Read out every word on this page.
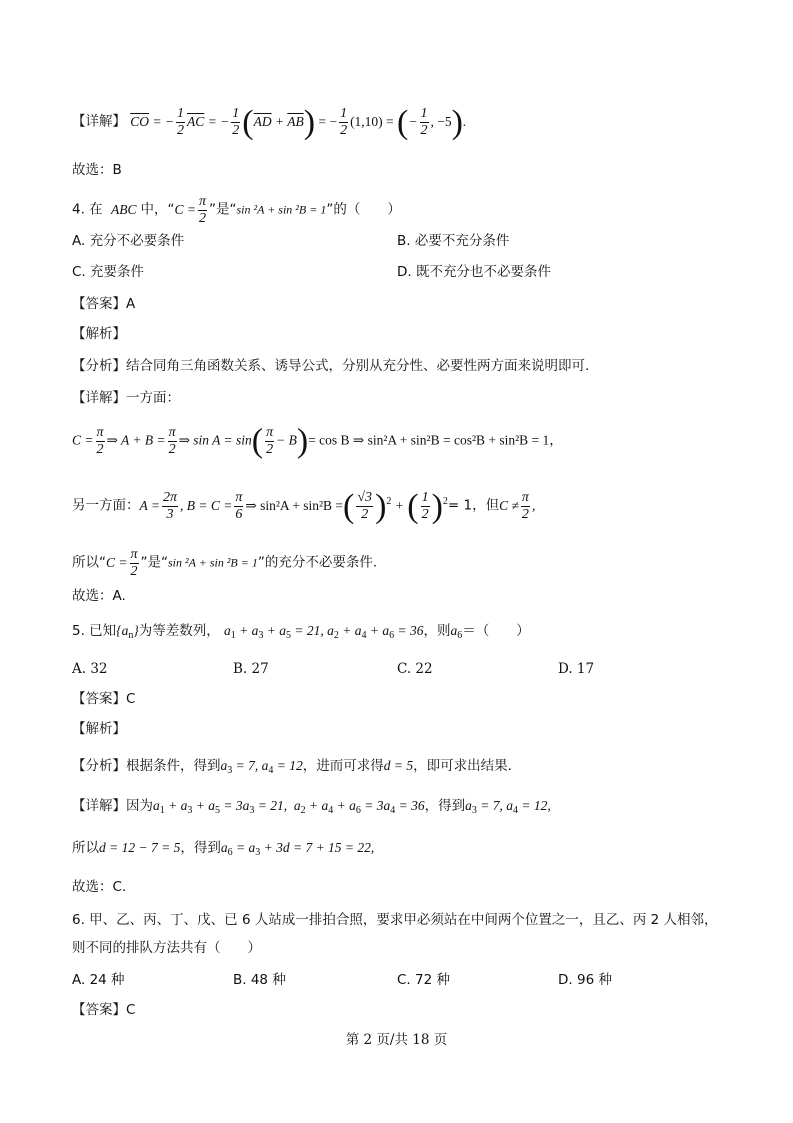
【详解】 $\overline{CO}$ = − $\frac{1}{2} \overline{AC}$ = − $\frac{1}{2} (\overline{AD} + \overline{AB})$ = − $\frac{1}{2} (1,10)$ = (− $\frac{1}{2}$ , −5).
故选：B
4. 在 ABC 中，“$C = \frac{\pi}{2}$ ”是“sin ²A + sin ²B = 1”的（　　）
A. 充分不必要条件	B. 必要不充分条件
C. 充要条件	D. 既不充分也不必要条件
【答案】A
【解析】
【分析】结合同角三角函数关系、诱导公式，分别从充分性、必要性两方面来说明即可.
【详解】一方面：
$C = \frac{\pi}{2}$ ⇒ $A + B = \frac{\pi}{2}$ ⇒ $\sin A = \sin( \frac{\pi}{2} - B)= \cos B$ ⇒ sin²A + sin²B = cos²B + sin²B = 1，
另一方面：$A = \frac{2\pi}{3}$ , $B = C = \frac{\pi}{6}$ ⇒ sin²A + sin²B =( $\frac{√3}{2} )^2$ + ( $\frac{1}{2} )^2= 1$，但$C \ne \frac{\pi}{2}$ ,
所以“$C = \frac{\pi}{2}$ ”是“sin ²A + sin ²B = 1”的充分不必要条件.
故选：A.
5. 已知$\{a_n\}$为等差数列， $a_1 + a_3 + a_5 = 21$, $a_2 + a_4 + a_6 = 36$，则$a_6=$（　　）
A. 32	B. 27	C. 22	D. 17
【答案】C
【解析】
【分析】根据条件，得到$a_3 = 7$, $a_4 = 12$，进而可求得d = 5，即可求出结果.
【详解】因为$a_1 + a_3 + a_5 = 3a_3 = 21$,  $a_2 + a_4 + a_6 = 3a_4 = 36$，得到$a_3 = 7$, $a_4 = 12$,
所以d = 12 − 7 = 5，得到$a_6 = a_3 + 3d = 7 + 15 = 22$,
故选：C.
6. 甲、乙、丙、丁、戊、已 6 人站成一排拍合照，要求甲必须站在中间两个位置之一，且乙、丙 2 人相邻，
则不同的排队方法共有（　　）
A. 24 种	B. 48 种	C. 72 种	D. 96 种
【答案】C
第 2 页/共 18 页
